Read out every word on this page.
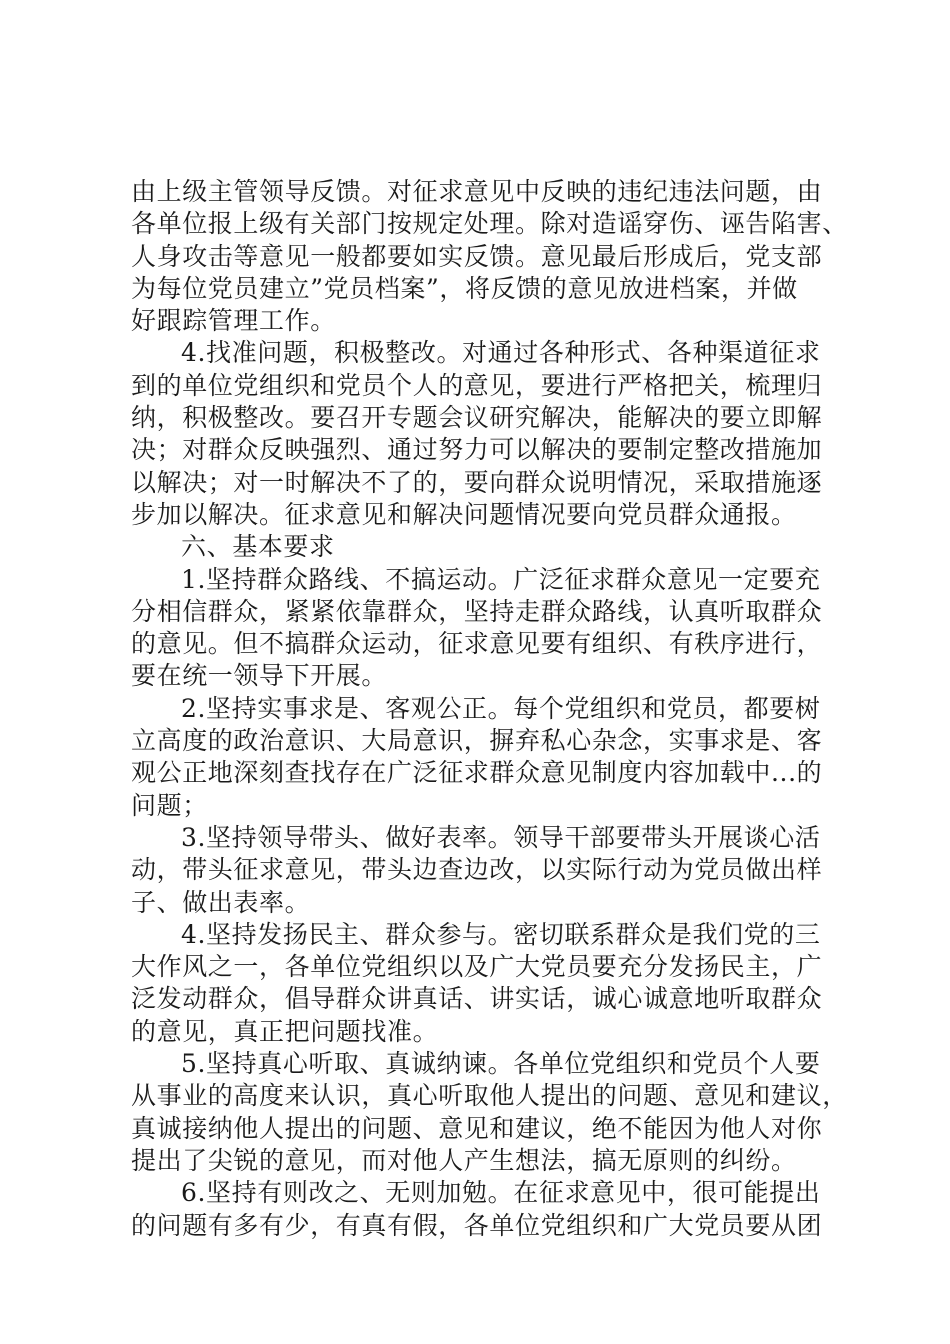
由上级主管领导反馈。对征求意见中反映的违纪违法问题，由
各单位报上级有关部门按规定处理。除对造谣穿伤、诬告陷害、
人身攻击等意见一般都要如实反馈。意见最后形成后，党支部
为每位党员建立”党员档案”，将反馈的意见放进档案，并做
好跟踪管理工作。
4.找准问题，积极整改。对通过各种形式、各种渠道征求
到的单位党组织和党员个人的意见，要进行严格把关，梳理归
纳，积极整改。要召开专题会议研究解决，能解决的要立即解
决；对群众反映强烈、通过努力可以解决的要制定整改措施加
以解决；对一时解决不了的，要向群众说明情况，采取措施逐
步加以解决。征求意见和解决问题情况要向党员群众通报。
六、基本要求
1.坚持群众路线、不搞运动。广泛征求群众意见一定要充
分相信群众，紧紧依靠群众，坚持走群众路线，认真听取群众
的意见。但不搞群众运动，征求意见要有组织、有秩序进行，
要在统一领导下开展。
2.坚持实事求是、客观公正。每个党组织和党员，都要树
立高度的政治意识、大局意识，摒弃私心杂念，实事求是、客
观公正地深刻查找存在广泛征求群众意见制度内容加载中...的
问题；
3.坚持领导带头、做好表率。领导干部要带头开展谈心活
动，带头征求意见，带头边查边改，以实际行动为党员做出样
子、做出表率。
4.坚持发扬民主、群众参与。密切联系群众是我们党的三
大作风之一，各单位党组织以及广大党员要充分发扬民主，广
泛发动群众，倡导群众讲真话、讲实话，诚心诚意地听取群众
的意见，真正把问题找准。
5.坚持真心听取、真诚纳谏。各单位党组织和党员个人要
从事业的高度来认识，真心听取他人提出的问题、意见和建议，
真诚接纳他人提出的问题、意见和建议，绝不能因为他人对你
提出了尖锐的意见，而对他人产生想法，搞无原则的纠纷。
6.坚持有则改之、无则加勉。在征求意见中，很可能提出
的问题有多有少，有真有假，各单位党组织和广大党员要从团
